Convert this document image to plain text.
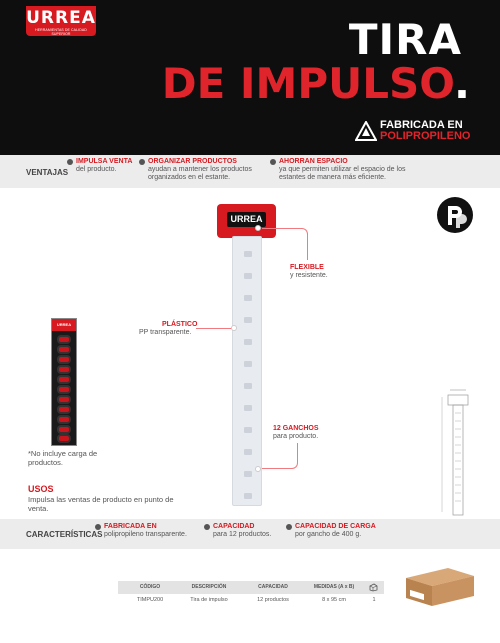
URREA
HERRAMIENTAS DE CALIDAD SUPERIOR	TIRA
DE IMPULSO.
FABRICADA EN
POLIPROPILENO
VENTAJAS
IMPULSA VENTA
del producto.
ORGANIZAR PRODUCTOS
ayudan a mantener los productos organizados en el estante.
AHORRAN ESPACIO
ya que permiten utilizar el espacio de los estantes de manera más eficiente.
URREA
FLEXIBLE
y resistente.
PLÁSTICO
PP transparente.
12 GANCHOS
para producto.
URREA
*No incluye carga de productos.
USOS
Impulsa las ventas de producto en punto de venta.
CARACTERÍSTICAS
FABRICADA EN
polipropileno transparente.
CAPACIDAD
para 12 productos.
CAPACIDAD DE CARGA
por gancho de 400 g.
CÓDIGO	DESCRIPCIÓN	CAPACIDAD	MEDIDAS (A x B)
TIMPU200	Tira de impulso	12 productos	8 x 95 cm	1
